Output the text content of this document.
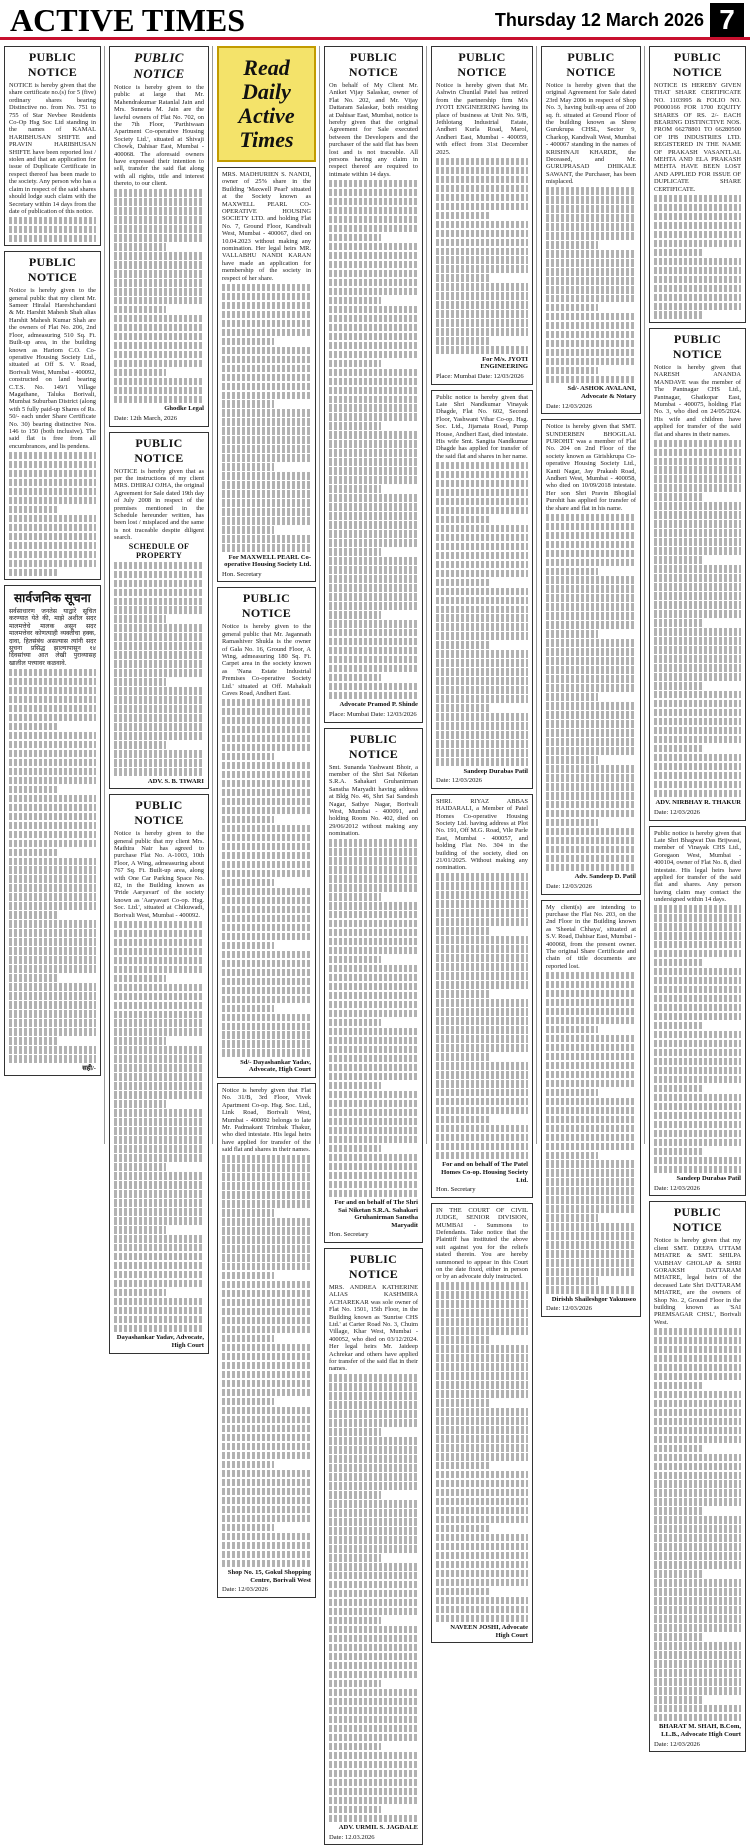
ACTIVE TIMES	Thursday 12 March 2026 7
PUBLIC NOTICE

NOTICE is hereby given that the share certificate no.(s) for 5 (five) ordinary shares bearing Distinctive no. from No. 751 to 755 of Star Nevbee Residents Co-Op Hsg Soc Ltd standing in the names of KAMAL HARIBHUSAN SHIFTE and PRAVIN HARIBHUSAN SHIFTE have been reported lost / stolen and that an application for issue of Duplicate Certificate in respect thereof has been made to the society. Any person who has a claim in respect of the said shares should lodge such claim with the Secretary within 14 days from the date of publication of this notice.

PUBLIC NOTICE

Notice is hereby given to the general public that my client Mr. Sameer Hiralal Hareshchandani & Mr. Harshit Mahesh Shah alias Harshit Mahesh Kumar Shah are the owners of Flat No. 206, 2nd Floor, admeasuring 510 Sq. Ft. Built-up area, in the building known as Hariom C.O. Co-operative Housing Society Ltd., situated at Off S. V. Road, Borivali West, Mumbai - 400092, constructed on land bearing C.T.S. No. 149/1 Village Magathane, Taluka Borivali, Mumbai Suburban District (along with 5 fully paid-up Shares of Rs. 50/- each under Share Certificate No. 30) bearing distinctive Nos. 146 to 150 (both inclusive). The said flat is free from all encumbrances, and lis pendens.

सार्वजनिक सूचना

सर्वसाधारण जनतेस याद्वारे सूचित करण्यात येते की, माझे अशील सदर मालमत्तेचे मालक असून सदर मालमत्तेवर कोणत्याही व्यक्तीचा हक्क, दावा, हितसंबंध असल्यास त्यांनी सदर सूचना प्रसिद्ध झाल्यापासून १४ दिवसांच्या आत लेखी पुराव्यासह खालील पत्त्यावर कळवावे.

सही/-
PUBLIC NOTICE

Notice is hereby given to the public at large that Mr. Mahendrakumar Ratanlal Jain and Mrs. Suneeta M. Jain are the lawful owners of Flat No. 702, on the 7th Floor, 'Parthiwaan Apartment Co-operative Housing Society Ltd.', situated at Shivaji Chowk, Dahisar East, Mumbai - 400068. The aforesaid owners have expressed their intention to sell, transfer the said flat along with all rights, title and interest thereto, to our client.

Ghodke Legal
Date: 12th March, 2026
PUBLIC NOTICE

NOTICE is hereby given that as per the instructions of my client MRS. DHIRAJ OJHA, the original Agreement for Sale dated 19th day of July 2008 in respect of the premises mentioned in the Schedule hereunder written, has been lost / misplaced and the same is not traceable despite diligent search.

SCHEDULE OF PROPERTY
ADV. S. B. TIWARI
PUBLIC NOTICE

Notice is hereby given to the general public that my client Mrs. Mathira Nair has agreed to purchase Flat No. A-1003, 10th Floor, A Wing, admeasuring about 767 Sq. Ft. Built-up area, along with One Car Parking Space No. 82, in the Building known as 'Pride Aaryavart' of the society known as 'Aaryavart Co-op. Hsg. Soc. Ltd.', situated at Chikuwadi, Borivali West, Mumbai - 400092.

Dayashankar Yadav, Advocate, High Court
Read
Daily
Active
Times

MRS. MADHURIEN S. NANDI, owner of 25% share in the Building 'Maxwell Pearl' situated at the Society known as MAXWELL PEARL CO-OPERATIVE HOUSING SOCIETY LTD. and holding Flat No. 7, Ground Floor, Kandivali West, Mumbai - 400067, died on 10.04.2023 without making any nomination. Her legal heirs MR. VALLABHU NANDI KARAN have made an application for membership of the society in respect of her share.

For MAXWELL PEARL Co-operative Housing Society Ltd.
Hon. Secretary
PUBLIC NOTICE

Notice is hereby given to the general public that Mr. Jagannath Ramashiver Shukla is the owner of Gala No. 16, Ground Floor, A Wing, admeasuring 180 Sq. Ft. Carpet area in the society known as 'Nana Estate Industrial Premises Co-operative Society Ltd.' situated at Off. Mahakali Caves Road, Andheri East.

Sd/- Dayashankar Yadav, Advocate, High Court

Notice is hereby given that Flat No. 31/B, 3rd Floor, Vivek Apartment Co-op. Hsg. Soc. Ltd., Link Road, Borivali West, Mumbai - 400092 belongs to late Mr. Padmakant Trimbak Thakur, who died intestate. His legal heirs have applied for transfer of the said flat and shares in their names.

Shop No. 15, Gokul Shopping Centre, Borivali West
Date: 12/03/2026
PUBLIC NOTICE

On behalf of My Client Mr. Aniket Vijay Salaskar, owner of Flat No. 202, and Mr. Vijay Dattaram Salaskar, both residing at Dahisar East, Mumbai, notice is hereby given that the original Agreement for Sale executed between the Developers and the purchaser of the said flat has been lost and is not traceable. All persons having any claim in respect thereof are required to intimate within 14 days.

Advocate Pramod P. Shinde
Place: Mumbai Date: 12/03/2026
PUBLIC NOTICE

Smt. Sunanda Yashwant Bhoir, a member of the Shri Sai Niketan S.R.A. Sahakari Gruhanirman Sanstha Maryadit having address at Bldg No. 46, Shri Sai Sandesh Nagar, Sathye Nagar, Borivali West, Mumbai - 400091, and holding Room No. 402, died on 29/06/2012 without making any nomination.

For and on behalf of The Shri Sai Niketan S.R.A. Sahakari Gruhanirman Sanstha Maryadit
Hon. Secretary
PUBLIC NOTICE

MRS. ANDREA KATHERINE ALIAS KASHMIRA ACHAREKAR was sole owner of Flat No. 1501, 15th Floor, in the Building known as 'Sunrise CHS Ltd.' at Carter Road No. 3, Chuim Village, Khar West, Mumbai - 400052, who died on 03/12/2024. Her legal heirs Mr. Jaideep Achrekar and others have applied for transfer of the said flat in their names.

ADV. URMIL S. JAGDALE
Date: 12.03.2026
PUBLIC NOTICE

Notice is hereby given that Mr. Ashwin Chunilal Patel has retired from the partnership firm M/s JYOTI ENGINEERING having its place of business at Unit No. 9/B, Jethlotang Industrial Estate, Andheri Kurla Road, Marol, Andheri East, Mumbai - 400059, with effect from 31st December 2025.

For M/s. JYOTI ENGINEERING
Place: Mumbai Date: 12/03/2026

Public notice is hereby given that Late Shri Nandkumar Vinayak Dhagde, Flat No. 602, Second Floor, Yashwant Vihar Co-op. Hsg. Soc. Ltd., Jijamata Road, Pump House, Andheri East, died intestate. His wife Smt. Sangita Nandkumar Dhagde has applied for transfer of the said flat and shares in her name.

Sandeep Durabas Patil
Date: 12/03/2026

SHRI. RIYAZ ABBAS HAIDARALI, a Member of Patel Homes Co-operative Housing Society Ltd. having address at Plot No. 191, Off M.G. Road, Vile Parle East, Mumbai - 400057, and holding Flat No. 304 in the building of the society, died on 21/01/2025. Without making any nomination.

For and on behalf of The Patel Homes Co-op. Housing Society Ltd.
Hon. Secretary

IN THE COURT OF CIVIL JUDGE, SENIOR DIVISION, MUMBAI - Summons to Defendants. Take notice that the Plaintiff has instituted the above suit against you for the reliefs stated therein. You are hereby summoned to appear in this Court on the date fixed, either in person or by an advocate duly instructed.

NAVEEN JOSHI, Advocate High Court
PUBLIC NOTICE

Notice is hereby given that the original Agreement for Sale dated 23rd May 2006 in respect of Shop No. 3, having built-up area of 200 sq. ft. situated at Ground Floor of the building known as Shree Gurukrupa CHSL, Sector 9, Charkop, Kandivali West, Mumbai - 400067 standing in the names of KRISHNAJI KHARDE, the Deceased, and Mr. GURUPRASAD DHIKALE SAWANT, the Purchaser, has been misplaced.

Sd/- ASHOK AVALANI, Advocate & Notary
Date: 12/03/2026

Notice is hereby given that SMT. SUNDERBEN BHOGILAL PUROHIT was a member of Flat No. 204 on 2nd Floor of the society known as Girishkrupa Co-operative Housing Society Ltd., Kanti Nagar, Jay Prakash Road, Andheri West, Mumbai - 400058, who died on 10/09/2018 intestate. Her son Shri Pravin Bhogilal Purohit has applied for transfer of the share and flat in his name.

Adv. Sandeep D. Patil
Date: 12/03/2026

My client(s) are intending to purchase the Flat No. 203, on the 2nd Floor in the Building known as 'Sheetal Chhaya', situated at S.V. Road, Dahisar East, Mumbai - 400068, from the present owner. The original Share Certificate and chain of title documents are reported lost.

Dirishh Shaileshgor Yakuuseo
Date: 12/03/2026
PUBLIC NOTICE

NOTICE IS HEREBY GIVEN THAT SHARE CERTIFICATE NO. 1103995 & FOLIO NO. P0000166 FOR 1700 EQUITY SHARES OF RS. 2/- EACH BEARING DISTINCTIVE NOS. FROM 66278801 TO 66280500 OF IFB INDUSTRIES LTD. REGISTERED IN THE NAME OF PRAKASH VASANTLAL MEHTA AND ELA PRAKASH MEHTA HAVE BEEN LOST AND APPLIED FOR ISSUE OF DUPLICATE SHARE CERTIFICATE.

PUBLIC NOTICE

Notice is hereby given that NARESH ANANDA MANDAVE was the member of The Pantnagar CHS Ltd., Pantnagar, Ghatkopar East, Mumbai - 400075, holding Flat No. 3, who died on 24/05/2024. His wife and children have applied for transfer of the said flat and shares in their names.

ADV. NIRBHAY R. THAKUR
Date: 12/03/2026

Public notice is hereby given that Late Shri Bhagwat Das Brijwasi, member of Vinayak CHS Ltd., Goregaon West, Mumbai - 400104, owner of Flat No. 8, died intestate. His legal heirs have applied for transfer of the said flat and shares. Any person having claim may contact the undersigned within 14 days.

Sandeep Durabas Patil
Date: 12/03/2026
PUBLIC NOTICE

Notice is hereby given that my client SMT. DEEPA UTTAM MHATRE & SMT. SHILPA VAIBHAV GHOLAP & SHRI GORAKSH DATTARAM MHATRE, legal heirs of the deceased Late Shri DATTARAM MHATRE, are the owners of Shop No. 2, Ground Floor in the building known as 'SAI PREMSAGAR CHSL', Borivali West.

BHARAT M. SHAH, B.Com, LL.B., Advocate High Court
Date: 12/03/2026
